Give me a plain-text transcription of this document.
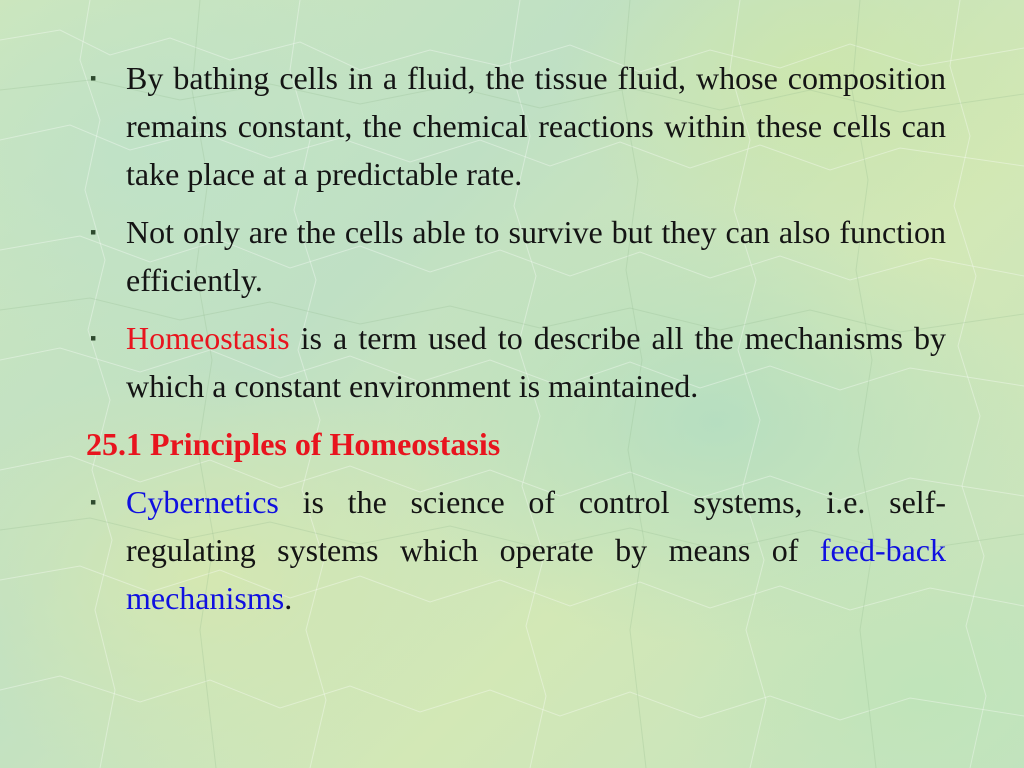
▪ By bathing cells in a fluid, the tissue fluid, whose composition remains constant, the chemical reactions within these cells can take place at a predictable rate.
▪ Not only are the cells able to survive but they can also function efficiently.
▪ Homeostasis is a term used to describe all the mechanisms by which a constant environment is maintained.
25.1 Principles of Homeostasis
▪ Cybernetics is the science of control systems, i.e. self-regulating systems which operate by means of feed-back mechanisms.
